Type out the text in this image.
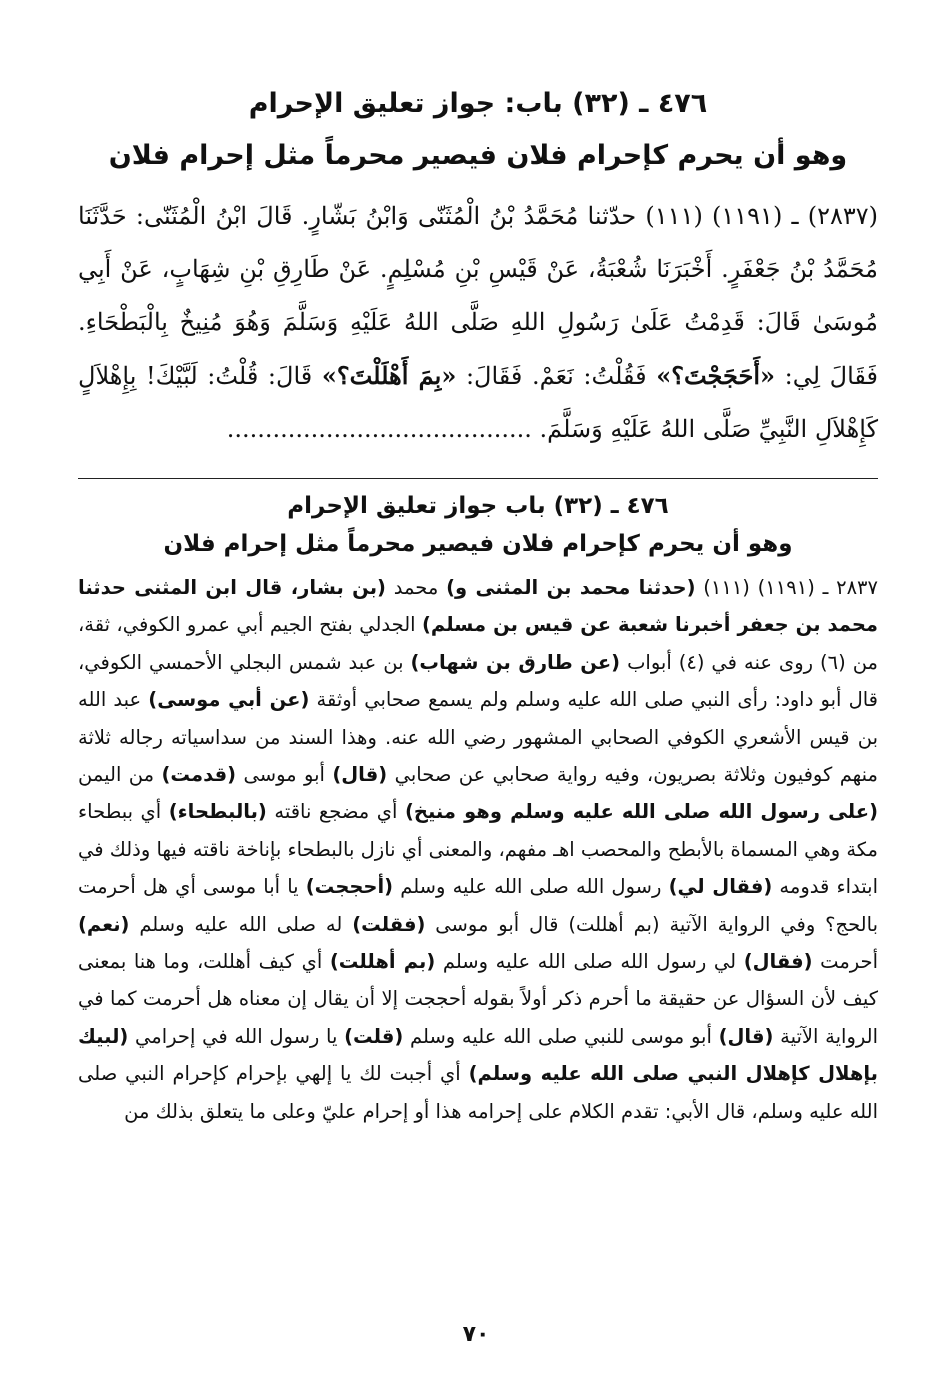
٤٧٦ ـ (٣٢) باب: جواز تعليق الإحرام
وهو أن يحرم كإحرام فلان فيصير محرماً مثل إحرام فلان
(٢٨٣٧) ـ (١١٩١) (١١١) حدّثنا مُحَمَّدُ بْنُ الْمُثَنّى وَابْنُ بَشّارٍ. قَالَ ابْنُ الْمُثَنّى: حَدَّثَنَا مُحَمَّدُ بْنُ جَعْفَرٍ. أَخْبَرَنَا شُعْبَةُ، عَنْ قَيْسِ بْنِ مُسْلِمٍ. عَنْ طَارِقِ بْنِ شِهَابٍ، عَنْ أَبِي مُوسَىٰ قَالَ: قَدِمْتُ عَلَىٰ رَسُولِ اللهِ صَلَّى اللهُ عَلَيْهِ وَسَلَّمَ وَهُوَ مُنِيخٌ بِالْبَطْحَاءِ. فَقَالَ لِي: «أَحَجَجْتَ؟» فَقُلْتُ: نَعَمْ. فَقَالَ: «بِمَ أَهْلَلْتَ؟» قَالَ: قُلْتُ: لَبَّيْكَ! بِإِهْلاَلٍ كَإِهْلاَلِ النَّبِيِّ صَلَّى اللهُ عَلَيْهِ وَسَلَّمَ. ........................................
٤٧٦ ـ (٣٢) باب جواز تعليق الإحرام
وهو أن يحرم كإحرام فلان فيصير محرماً مثل إحرام فلان
٢٨٣٧ ـ (١١٩١) (١١١) (حدثنا محمد بن المثنى و) محمد (بن بشار، قال ابن المثنى حدثنا محمد بن جعفر أخبرنا شعبة عن قيس بن مسلم) الجدلي بفتح الجيم أبي عمرو الكوفي، ثقة، من (٦) روى عنه في (٤) أبواب (عن طارق بن شهاب) بن عبد شمس البجلي الأحمسي الكوفي، قال أبو داود: رأى النبي صلى الله عليه وسلم ولم يسمع صحابي أوثقة (عن أبي موسى) عبد الله بن قيس الأشعري الكوفي الصحابي المشهور رضي الله عنه. وهذا السند من سداسياته رجاله ثلاثة منهم كوفيون وثلاثة بصريون، وفيه رواية صحابي عن صحابي (قال) أبو موسى (قدمت) من اليمن (على رسول الله صلى الله عليه وسلم وهو منيخ) أي مضجع ناقته (بالبطحاء) أي ببطحاء مكة وهي المسماة بالأبطح والمحصب اهـ مفهم، والمعنى أي نازل بالبطحاء بإناخة ناقته فيها وذلك في ابتداء قدومه (فقال لي) رسول الله صلى الله عليه وسلم (أحججت) يا أبا موسى أي هل أحرمت بالحج؟ وفي الرواية الآتية (بم أهللت) قال أبو موسى (فقلت) له صلى الله عليه وسلم (نعم) أحرمت (فقال) لي رسول الله صلى الله عليه وسلم (بم أهللت) أي كيف أهللت، وما هنا بمعنى كيف لأن السؤال عن حقيقة ما أحرم ذكر أولاً بقوله أحججت إلا أن يقال إن معناه هل أحرمت كما في الرواية الآتية (قال) أبو موسى للنبي صلى الله عليه وسلم (قلت) يا رسول الله في إحرامي (لبيك بإهلال كإهلال النبي صلى الله عليه وسلم) أي أجبت لك يا إلهي بإحرام كإحرام النبي صلى الله عليه وسلم، قال الأبي: تقدم الكلام على إحرامه هذا أو إحرام عليّ وعلى ما يتعلق بذلك من
٧٠
